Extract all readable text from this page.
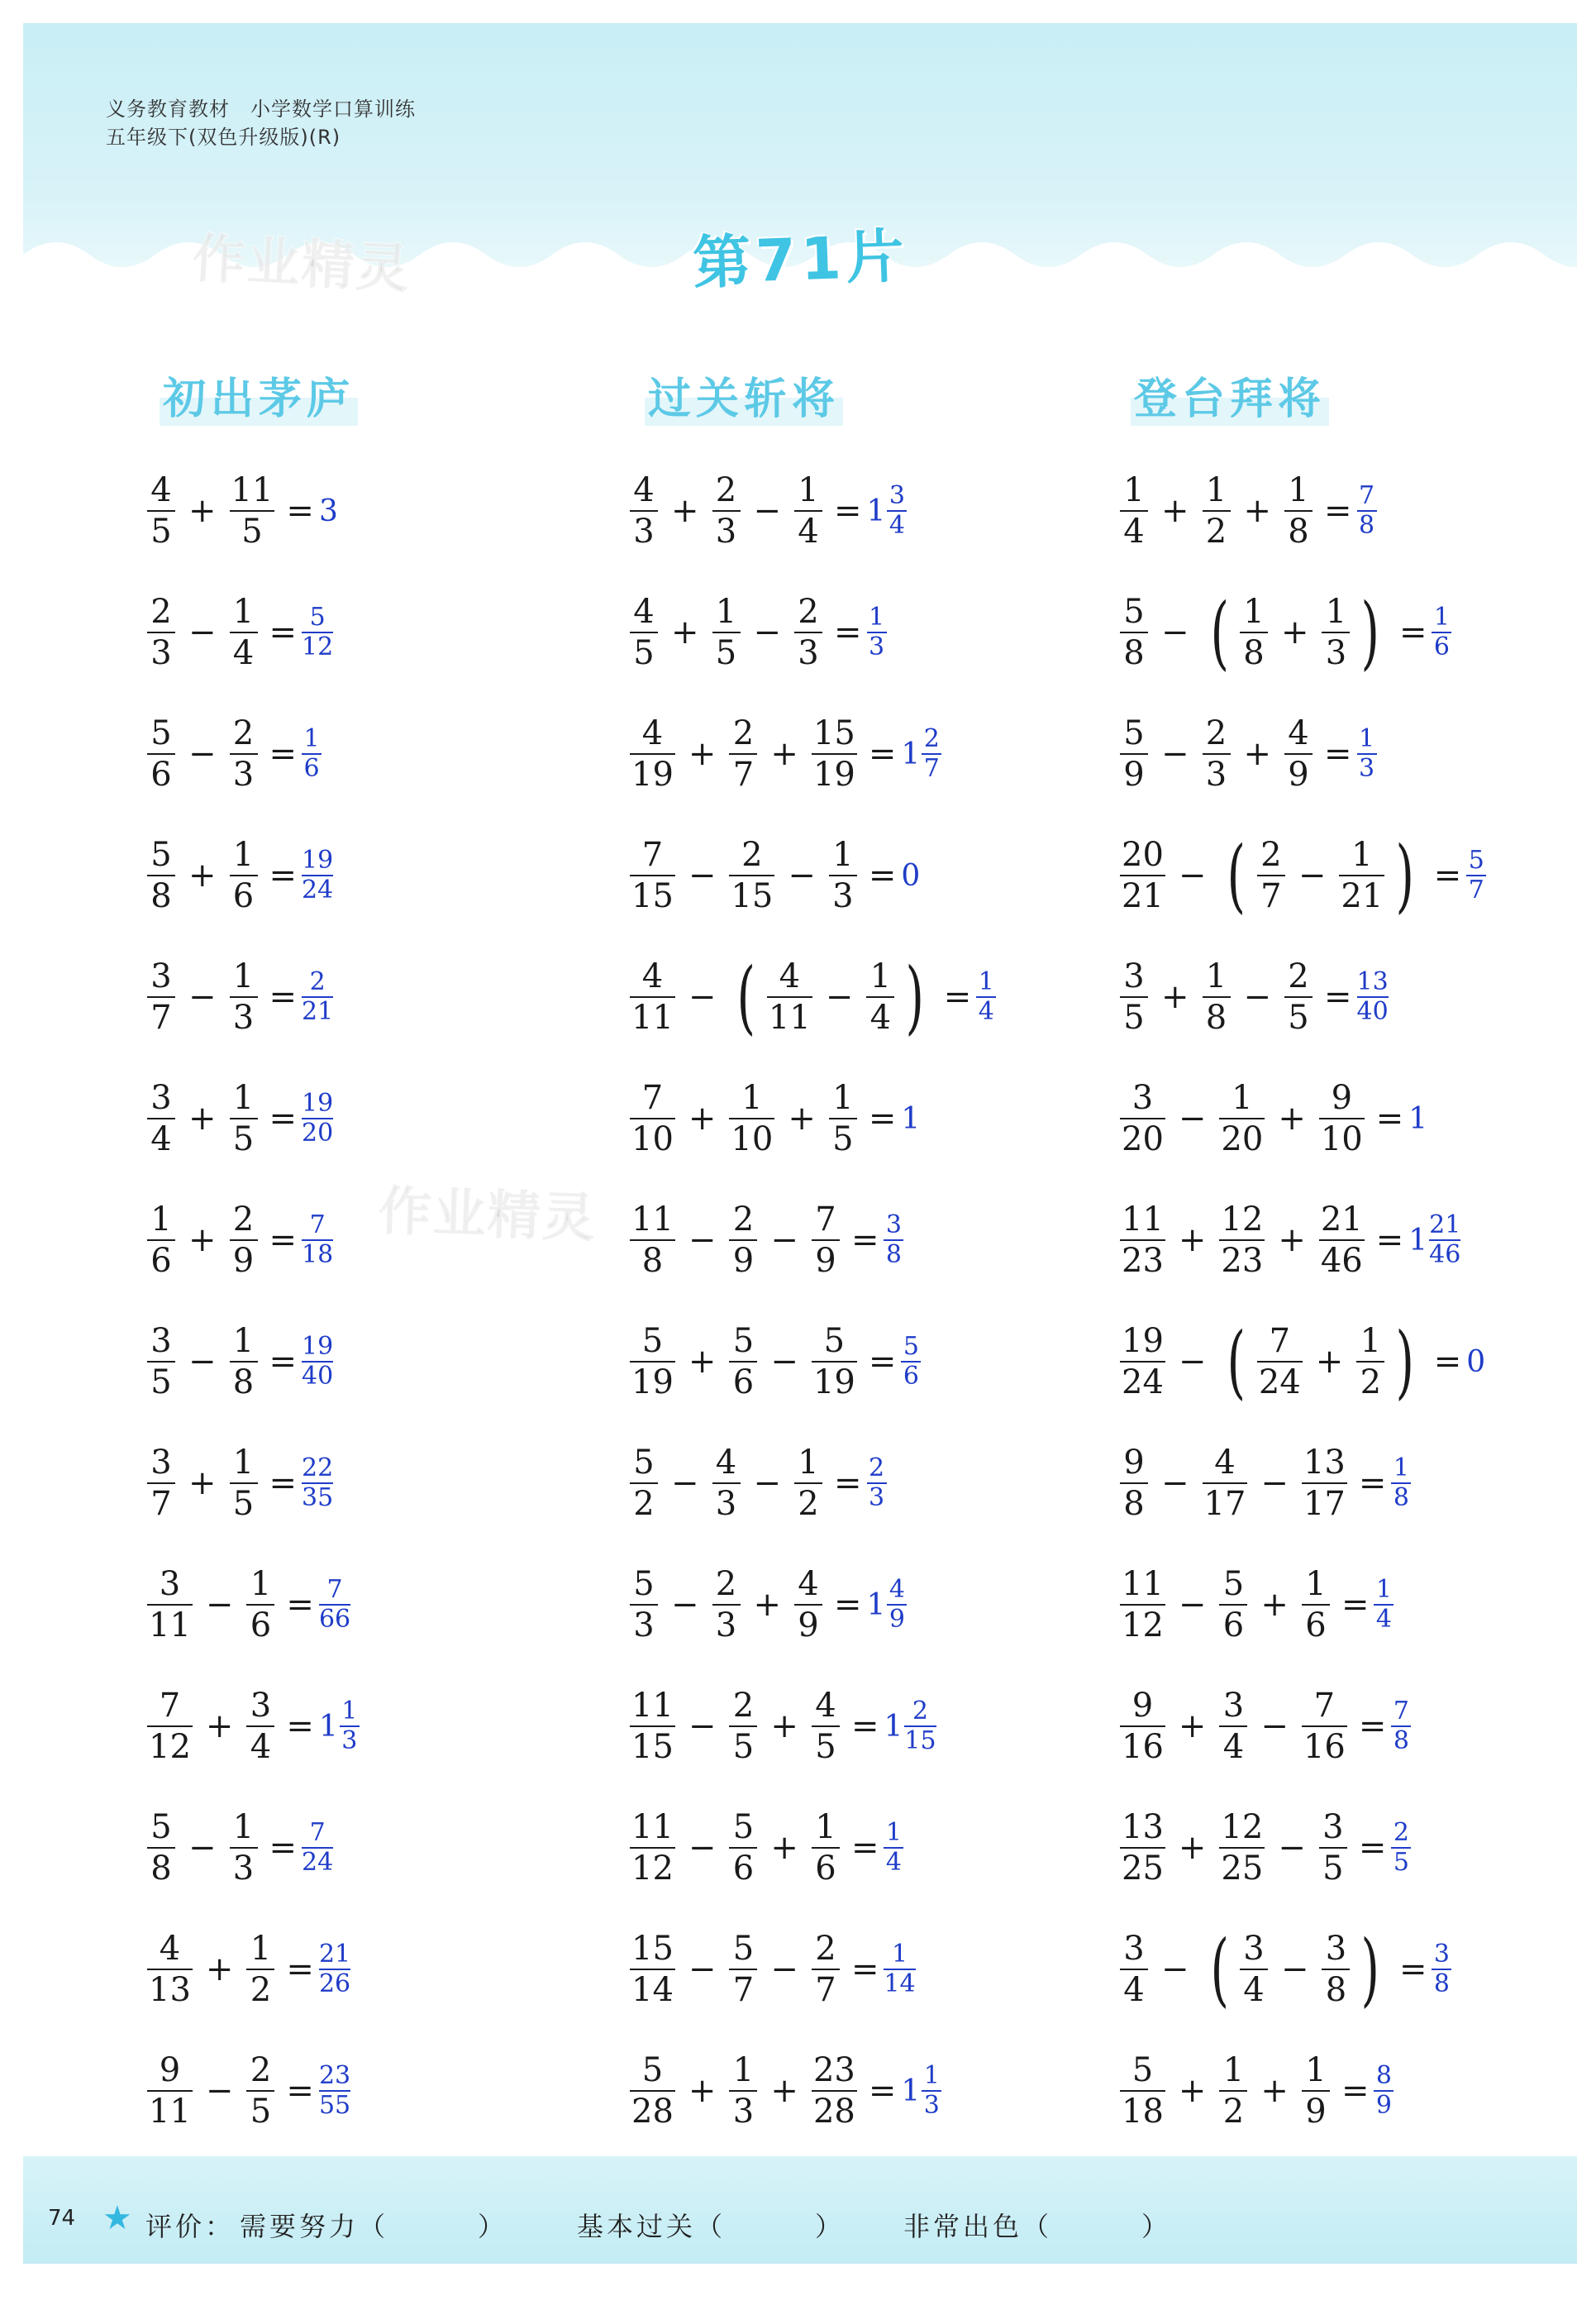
义务教育教材　小学数学口算训练
五年级下(双色升级版)(R)
第71片
作业精灵
作业精灵
初出茅庐	过关斩将	登台拜将
$\frac{4}{5} + \frac{11}{5} = 3$
$\frac{2}{3} - \frac{1}{4} = 5$
12
$\frac{5}{6} - \frac{2}{3} = 1$
6
$\frac{5}{8} + \frac{1}{6} = 19$
24
$\frac{3}{7} - \frac{1}{3} = 2$
21
$\frac{3}{4} + \frac{1}{5} = 19$
20
$\frac{1}{6} + \frac{2}{9} = 7$
18
$\frac{3}{5} - \frac{1}{8} = 19$
40
$\frac{3}{7} + \frac{1}{5} = 22$
35
$\frac{3}{11} - \frac{1}{6} = 7$
66
$\frac{7}{12} + \frac{3}{4} = 1$ 1
3
$\frac{5}{8} - \frac{1}{3} = 7$
24
$\frac{4}{13} + \frac{1}{2} = 21$
26
$\frac{9}{11} - \frac{2}{5} = 23$
55
$\frac{4}{3} + \frac{2}{3} - \frac{1}{4} = 1$ 3
4
$\frac{4}{5} + \frac{1}{5} - \frac{2}{3} = 1$
3
$\frac{4}{19} + \frac{2}{7} + \frac{15}{19} = 1$ 2
7
$\frac{7}{15} - \frac{2}{15} - \frac{1}{3} = 0$
$\frac{4}{11}$ − ( $\frac{4}{11} - \frac{1}{4}$ ) = 1
4
$\frac{7}{10} + \frac{1}{10} + \frac{1}{5} = 1$
$\frac{11}{8} - \frac{2}{9} - \frac{7}{9} = 3$
8
$\frac{5}{19} + \frac{5}{6} - \frac{5}{19} = 5$
6
$\frac{5}{2} - \frac{4}{3} - \frac{1}{2} = 2$
3
$\frac{5}{3} - \frac{2}{3} + \frac{4}{9} = 1$ 4
9
$\frac{11}{15} - \frac{2}{5} + \frac{4}{5} = 1$ 2
15
$\frac{11}{12} - \frac{5}{6} + \frac{1}{6} = 1$
4
$\frac{15}{14} - \frac{5}{7} - \frac{2}{7} = 1$
14
$\frac{5}{28} + \frac{1}{3} + \frac{23}{28} = 1$ 1
3
$\frac{1}{4} + \frac{1}{2} + \frac{1}{8} = 7$
8
$\frac{5}{8}$ − ( $\frac{1}{8} + \frac{1}{3}$ ) = 1
6
$\frac{5}{9} - \frac{2}{3} + \frac{4}{9} = 1$
3
$\frac{20}{21}$ − ( $\frac{2}{7} - \frac{1}{21}$ ) = 5
7
$\frac{3}{5} + \frac{1}{8} - \frac{2}{5} = 13$
40
$\frac{3}{20} - \frac{1}{20} + \frac{9}{10} = 1$
$\frac{11}{23} + \frac{12}{23} + \frac{21}{46} = 1$ 21
46
$\frac{19}{24}$ − ( $\frac{7}{24} + \frac{1}{2}$ ) = 0
$\frac{9}{8} - \frac{4}{17} - \frac{13}{17} = 1$
8
$\frac{11}{12} - \frac{5}{6} + \frac{1}{6} = 1$
4
$\frac{9}{16} + \frac{3}{4} - \frac{7}{16} = 7$
8
$\frac{13}{25} + \frac{12}{25} - \frac{3}{5} = 2$
5
$\frac{3}{4}$ − ( $\frac{3}{4} - \frac{3}{8}$ ) = 3
8
$\frac{5}{18} + \frac{1}{2} + \frac{1}{9} = 8$
9
74 ★ 评价： 需要努力（　　　）	基本过关（　　　） 非常出色（　　　）
